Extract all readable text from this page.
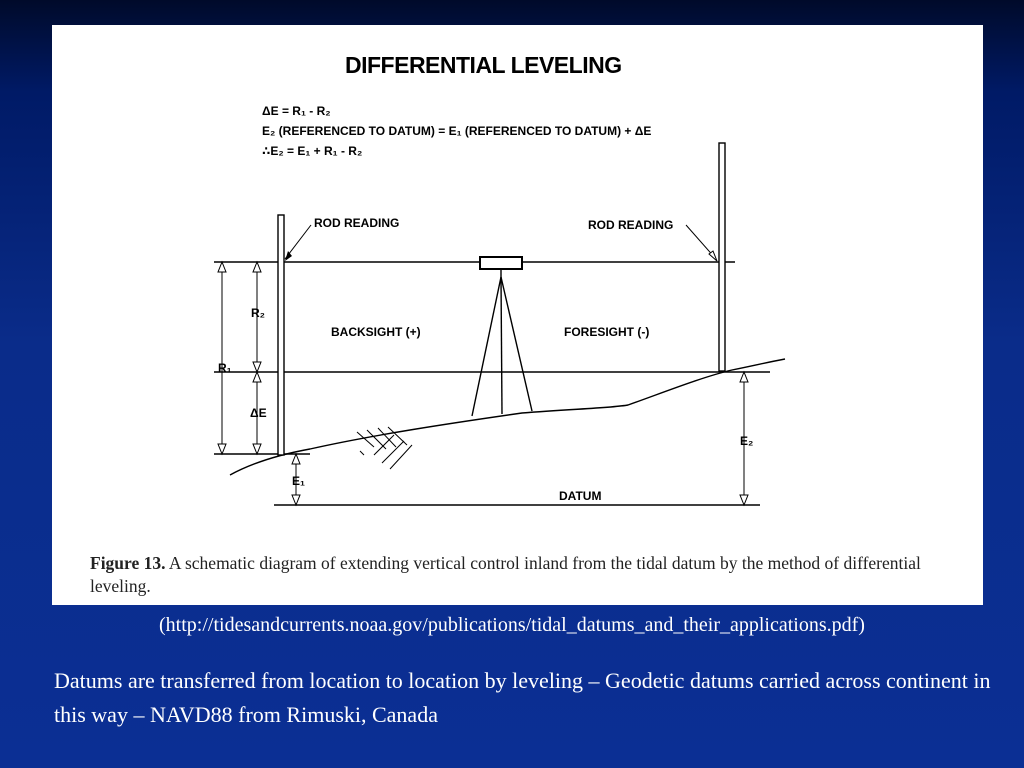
DIFFERENTIAL LEVELING
ΔE = R₁ - R₂
E₂ (REFERENCED TO DATUM) = E₁ (REFERENCED TO DATUM) + ΔE
∴E₂ = E₁ + R₁ - R₂
ROD READING	ROD READING
BACKSIGHT (+)	FORESIGHT (-)
R₁
R₂
ΔE
E₁
E₂
DATUM
Figure 13. A schematic diagram of extending vertical control inland from the tidal datum by the method of differential leveling.
(http://tidesandcurrents.noaa.gov/publications/tidal_datums_and_their_applications.pdf)
Datums are transferred from location to location by leveling – Geodetic datums carried across continent in this way – NAVD88 from Rimuski, Canada
